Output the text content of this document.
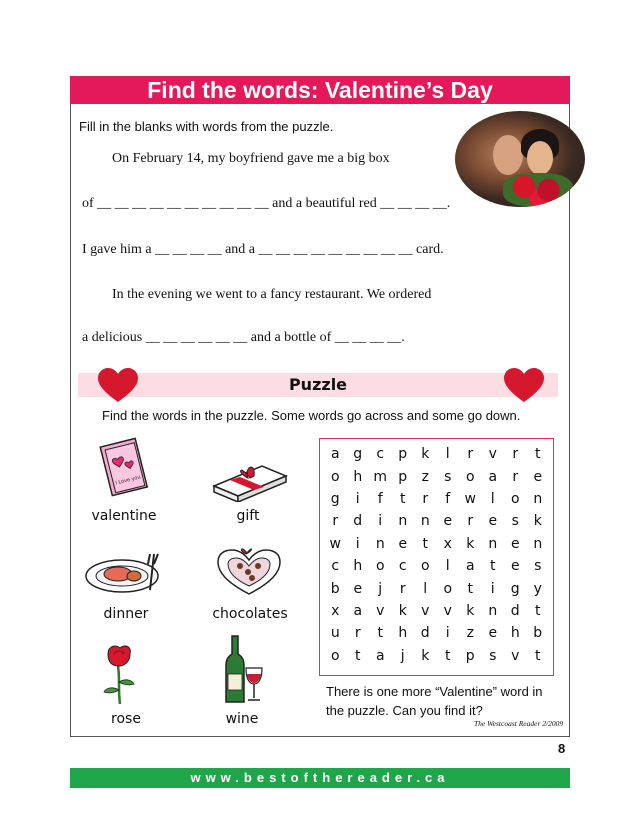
Find the words: Valentine’s Day
Fill in the blanks with words from the puzzle.
On February 14, my boyfriend gave me a big box
of __ __ __ __ __ __ __ __ __ __ and a beautiful red __ __ __ __.
I gave him a __ __ __ __ and a __ __ __ __ __ __ __ __ __ card.
In the evening we went to a fancy restaurant. We ordered
a delicious __ __ __ __ __ __ and a bottle of __ __ __ __.
Puzzle
Find the words in the puzzle. Some words go across and some go down.
I Love you
valentine	gift
dinner	chocolates
rose	wine
a	g	c	p	k	l	r	v	r	t
o	h	m	p	z	s	o	a	r	e
g	i	f	t	r	f	w	l	o	n
r	d	i	n	n	e	r	e	s	k
w	i	n	e	t	x	k	n	e	n
c	h	o	c	o	l	a	t	e	s
b	e	j	r	l	o	t	i	g	y
x	a	v	k	v	v	k	n	d	t
u	r	t	h	d	i	z	e	h	b
o	t	a	j	k	t	p	s	v	t
There is one more “Valentine” word in the puzzle. Can you find it?
The Westcoast Reader 2/2009
8
www.bestofthereader.ca
